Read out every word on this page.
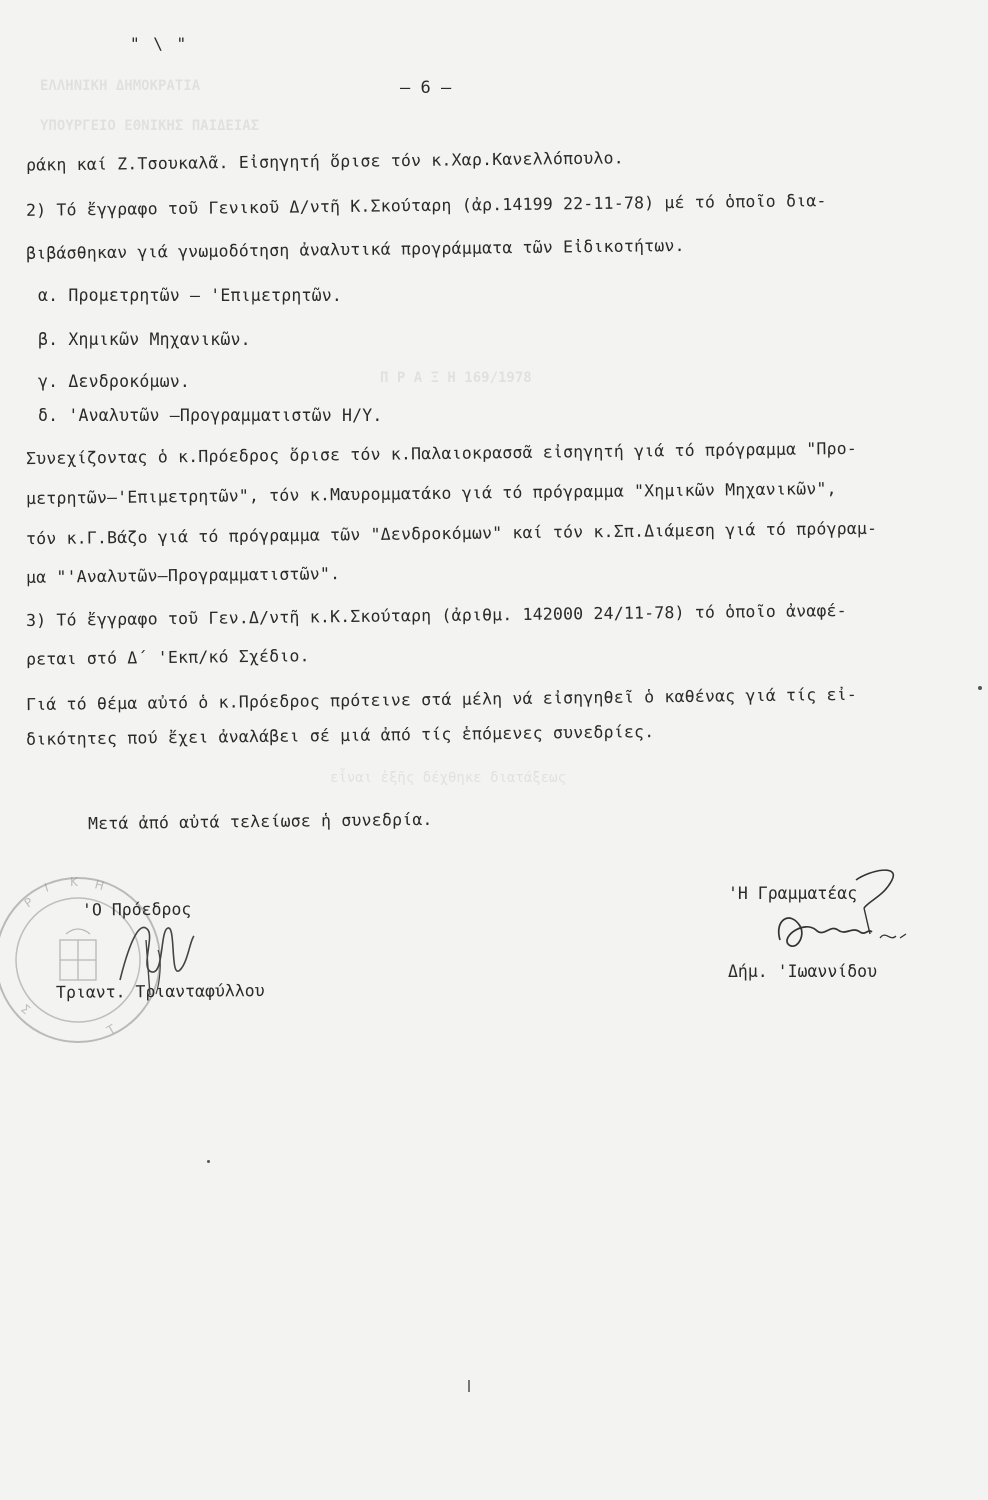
ΕΛΛΗΝΙΚΗ ΔΗΜΟΚΡΑΤΙΑ
ΥΠΟΥΡΓΕΙΟ ΕΘΝΙΚΗΣ ΠΑΙΔΕΙΑΣ
Π Ρ Α Ξ Η 169/1978
εἶναι ἑξῆς δέχθηκε διατάξεως
" \ "
– 6 –
ράκη καί Ζ.Τσουκαλᾶ. Εἰσηγητή ὅρισε τόν κ.Χαρ.Κανελλόπουλο.
2) Τό ἔγγραφο τοῦ Γενικοῦ Δ/ντῆ Κ.Σκούταρη (ἀρ.14199 22-11-78) μέ τό ὁποῖο δια-
βιβάσθηκαν γιά γνωμοδότηση ἀναλυτικά προγράμματα τῶν Εἰδικοτήτων.
α. Προμετρητῶν – 'Επιμετρητῶν.
β. Χημικῶν Μηχανικῶν.
γ. Δενδροκόμων.
δ. 'Αναλυτῶν –Προγραμματιστῶν Η/Υ.
Συνεχίζοντας ὁ κ.Πρόεδρος ὅρισε τόν κ.Παλαιοκρασσᾶ εἰσηγητή γιά τό πρόγραμμα "Προ-
μετρητῶν–'Επιμετρητῶν", τόν κ.Μαυρομματάκο γιά τό πρόγραμμα "Χημικῶν Μηχανικῶν",
τόν κ.Γ.Βάζο γιά τό πρόγραμμα τῶν "Δενδροκόμων" καί τόν κ.Σπ.Διάμεση γιά τό πρόγραμ-
μα "'Αναλυτῶν–Προγραμματιστῶν".
3) Τό ἔγγραφο τοῦ Γεν.Δ/ντῆ κ.Κ.Σκούταρη (ἀριθμ. 142000 24/11-78) τό ὁποῖο ἀναφέ-
ρεται στό Δ΄ 'Εκπ/κό Σχέδιο.
Γιά τό θέμα αὐτό ὁ κ.Πρόεδρος πρότεινε στά μέλη νά εἰσηγηθεῖ ὁ καθένας γιά τίς εἰ-
δικότητες πού ἔχει ἀναλάβει σέ μιά ἀπό τίς ἑπόμενες συνεδρίες.
Μετά ἀπό αὐτά τελείωσε ἡ συνεδρία.
Ρ
Ι Κ Η
Σ
Τ
'Ο Πρόεδρος
Τριαντ. Τριανταφύλλου
'Η Γραμματέας
Δήμ. 'Ιωαννίδου
